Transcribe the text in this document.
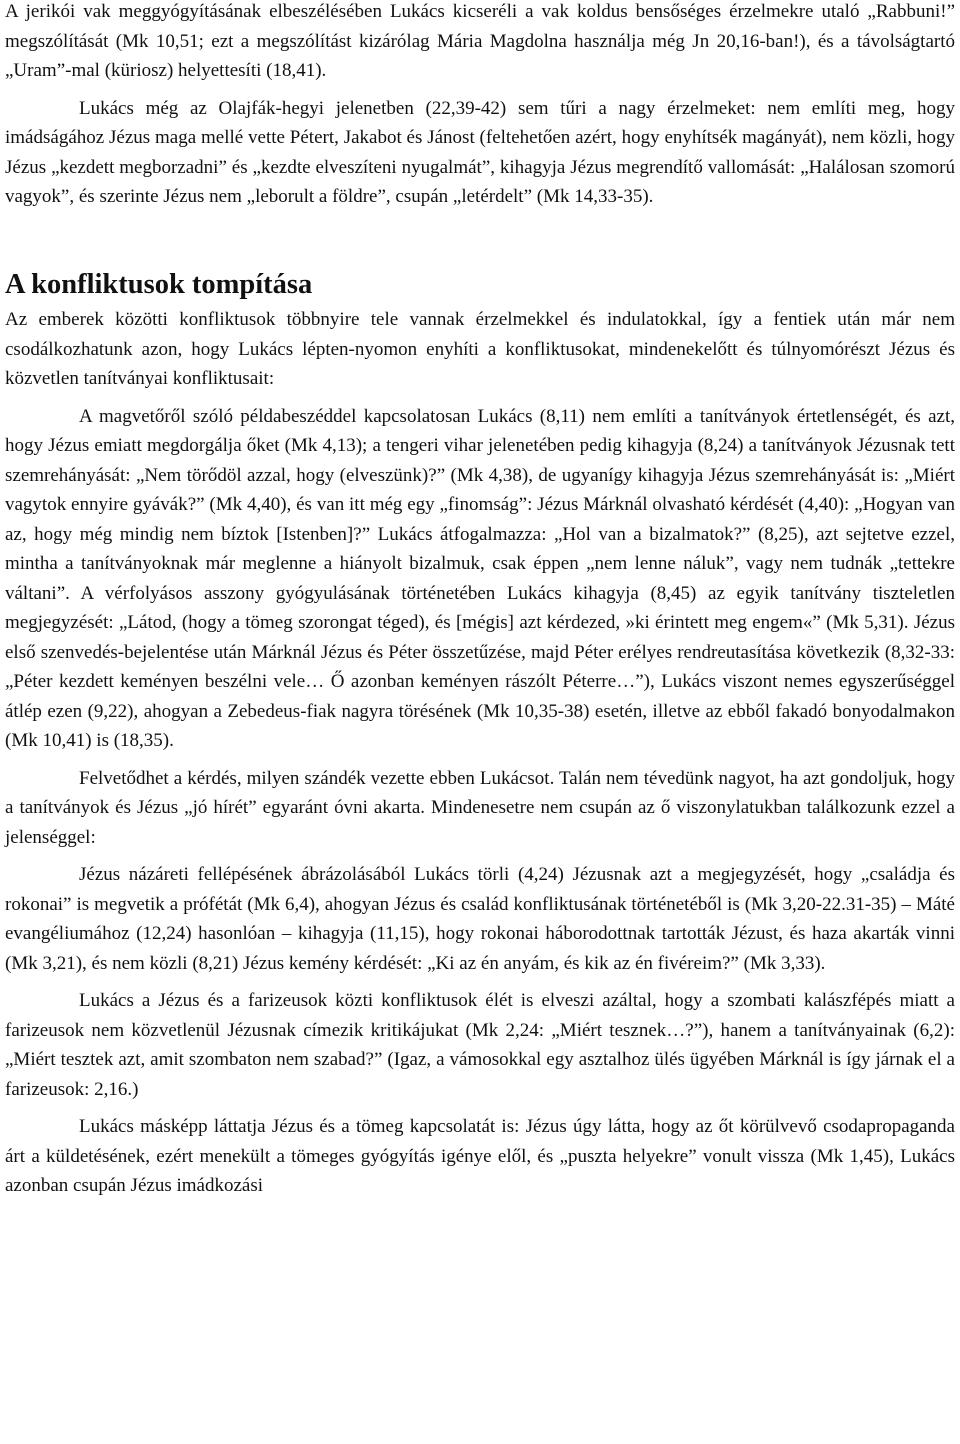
A jerikói vak meggyógyításának elbeszélésében Lukács kicseréli a vak koldus bensőséges érzelmekre utaló „Rabbuni!” megszólítását (Mk 10,51; ezt a megszólítást kizárólag Mária Magdolna használja még Jn 20,16-ban!), és a távolságtartó „Uram”-mal (küriosz) helyettesíti (18,41).

Lukács még az Olajfák-hegyi jelenetben (22,39-42) sem tűri a nagy érzelmeket: nem említi meg, hogy imádságához Jézus maga mellé vette Pétert, Jakabot és Jánost (feltehetően azért, hogy enyhítsék magányát), nem közli, hogy Jézus „kezdett megborzadni” és „kezdte elveszíteni nyugalmát”, kihagyja Jézus megrendítő vallomását: „Halálosan szomorú vagyok”, és szerinte Jézus nem „leborult a földre”, csupán „letérdelt” (Mk 14,33-35).

A konfliktusok tompítása

Az emberek közötti konfliktusok többnyire tele vannak érzelmekkel és indulatokkal, így a fentiek után már nem csodálkozhatunk azon, hogy Lukács lépten-nyomon enyhíti a konfliktusokat, mindenekelőtt és túlnyomórészt Jézus és közvetlen tanítványai konfliktusait:

A magvetőről szóló példabeszéddel kapcsolatosan Lukács (8,11) nem említi a tanítványok értetlenségét, és azt, hogy Jézus emiatt megdorgálja őket (Mk 4,13); a tengeri vihar jelenetében pedig kihagyja (8,24) a tanítványok Jézusnak tett szemrehányását: „Nem törődöl azzal, hogy (elveszünk)?” (Mk 4,38), de ugyanígy kihagyja Jézus szemrehányását is: „Miért vagytok ennyire gyávák?” (Mk 4,40), és van itt még egy „finomság”: Jézus Márknál olvasható kérdését (4,40): „Hogyan van az, hogy még mindig nem bíztok [Istenben]?” Lukács átfogalmazza: „Hol van a bizalmatok?” (8,25), azt sejtetve ezzel, mintha a tanítványoknak már meglenne a hiányolt bizalmuk, csak éppen „nem lenne náluk”, vagy nem tudnák „tettekre váltani”. A vérfolyásos asszony gyógyulásának történetében Lukács kihagyja (8,45) az egyik tanítvány tiszteletlen megjegyzését: „Látod, (hogy a tömeg szorongat téged), és [mégis] azt kérdezed, »ki érintett meg engem«” (Mk 5,31). Jézus első szenvedés-bejelentése után Márknál Jézus és Péter összetűzése, majd Péter erélyes rendreutasítása következik (8,32-33: „Péter kezdett keményen beszélni vele… Ő azonban keményen rászólt Péterre…”), Lukács viszont nemes egyszerűséggel átlép ezen (9,22), ahogyan a Zebedeus-fiak nagyra törésének (Mk 10,35-38) esetén, illetve az ebből fakadó bonyodalmakon (Mk 10,41) is (18,35).

Felvetődhet a kérdés, milyen szándék vezette ebben Lukácsot. Talán nem tévedünk nagyot, ha azt gondoljuk, hogy a tanítványok és Jézus „jó hírét” egyaránt óvni akarta. Mindenesetre nem csupán az ő viszonylatukban találkozunk ezzel a jelenséggel:

Jézus názáreti fellépésének ábrázolásából Lukács törli (4,24) Jézusnak azt a megjegyzését, hogy „családja és rokonai” is megvetik a prófétát (Mk 6,4), ahogyan Jézus és család konfliktusának történetéből is (Mk 3,20-22.31-35) – Máté evangéliumához (12,24) hasonlóan – kihagyja (11,15), hogy rokonai háborodottnak tartották Jézust, és haza akarták vinni (Mk 3,21), és nem közli (8,21) Jézus kemény kérdését: „Ki az én anyám, és kik az én fivéreim?” (Mk 3,33).

Lukács a Jézus és a farizeusok közti konfliktusok élét is elveszi azáltal, hogy a szombati kalászfépés miatt a farizeusok nem közvetlenül Jézusnak címezik kritikájukat (Mk 2,24: „Miért tesznek…?”), hanem a tanítványainak (6,2): „Miért tesztek azt, amit szombaton nem szabad?” (Igaz, a vámosokkal egy asztalhoz ülés ügyében Márknál is így járnak el a farizeusok: 2,16.)

Lukács másképp láttatja Jézus és a tömeg kapcsolatát is: Jézus úgy látta, hogy az őt körülvevő csodapropaganda árt a küldetésének, ezért menekült a tömeges gyógyítás igénye elől, és „puszta helyekre” vonult vissza (Mk 1,45), Lukács azonban csupán Jézus imádkozási
